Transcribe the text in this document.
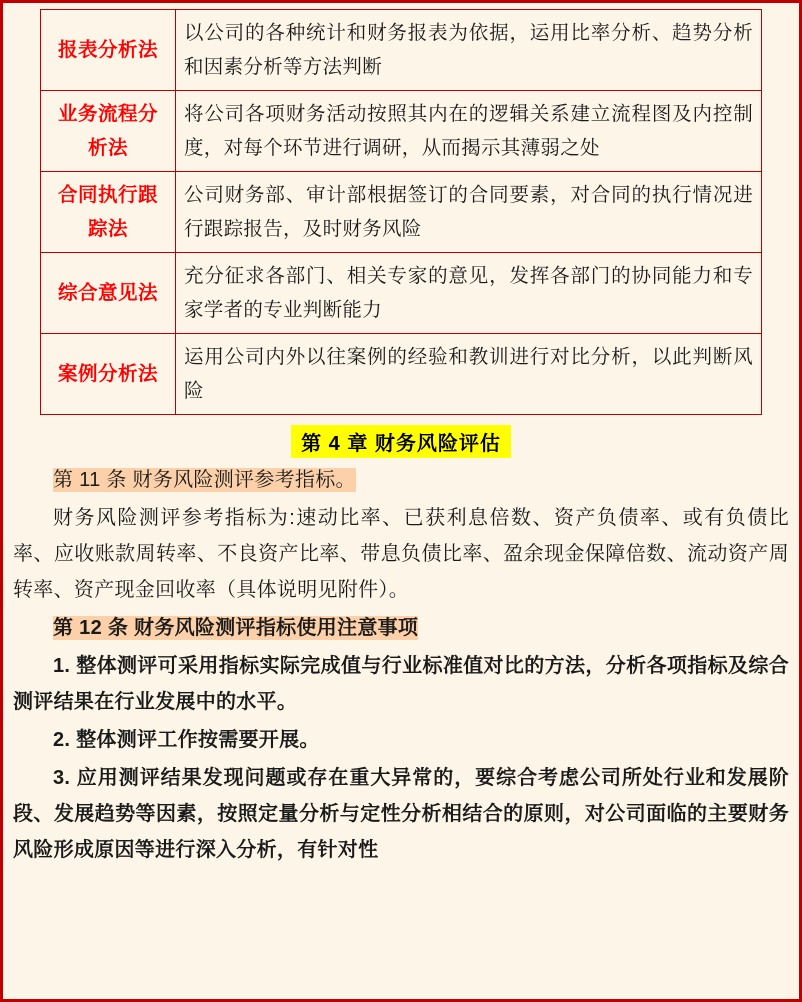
报表分析法	以公司的各种统计和财务报表为依据，运用比率分析、趋势分析和因素分析等方法判断
业务流程分析法	将公司各项财务活动按照其内在的逻辑关系建立流程图及内控制度，对每个环节进行调研，从而揭示其薄弱之处
合同执行跟踪法	公司财务部、审计部根据签订的合同要素，对合同的执行情况进行跟踪报告，及时财务风险
综合意见法	充分征求各部门、相关专家的意见，发挥各部门的协同能力和专家学者的专业判断能力
案例分析法	运用公司内外以往案例的经验和教训进行对比分析，以此判断风险
第 4 章 财务风险评估

第 11 条 财务风险测评参考指标。

财务风险测评参考指标为:速动比率、已获利息倍数、资产负债率、或有负债比率、应收账款周转率、不良资产比率、带息负债比率、盈余现金保障倍数、流动资产周转率、资产现金回收率（具体说明见附件）。

第 12 条 财务风险测评指标使用注意事项

1. 整体测评可采用指标实际完成值与行业标准值对比的方法，分析各项指标及综合测评结果在行业发展中的水平。

2. 整体测评工作按需要开展。

3. 应用测评结果发现问题或存在重大异常的，要综合考虑公司所处行业和发展阶段、发展趋势等因素，按照定量分析与定性分析相结合的原则，对公司面临的主要财务风险形成原因等进行深入分析，有针对性
